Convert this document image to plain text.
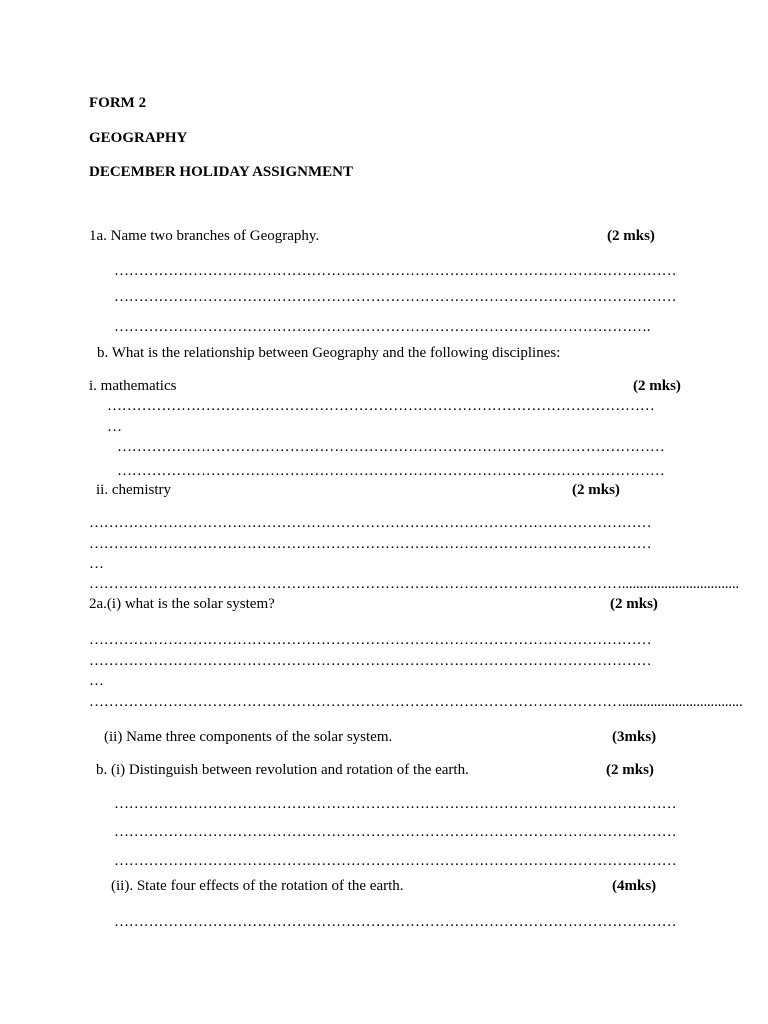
FORM 2
GEOGRAPHY
DECEMBER HOLIDAY ASSIGNMENT
1a. Name two branches of Geography.	(2 mks)
……………………………………………………………………………………………………
……………………………………………………………………………………………………
……………………………………………………………………………………………….
b. What is the relationship between Geography and the following disciplines:
i. mathematics	(2 mks)
…………………………………………………………………………………………………
…
…………………………………………………………………………………………………
…………………………………………………………………………………………………
ii. chemistry	(2 mks)
……………………………………………………………………………………………………
……………………………………………………………………………………………………
…
……………………………………………………………………………………………….................................
2a.(i) what is the solar system?	(2 mks)
……………………………………………………………………………………………………
……………………………………………………………………………………………………
…
………………………………………………………………………………………………..................................
(ii) Name three components of the solar system.	(3mks)
b. (i) Distinguish between revolution and rotation of the earth.	(2 mks)
……………………………………………………………………………………………………
……………………………………………………………………………………………………
……………………………………………………………………………………………………
(ii). State four effects of the rotation of the earth.	(4mks)
……………………………………………………………………………………………………
